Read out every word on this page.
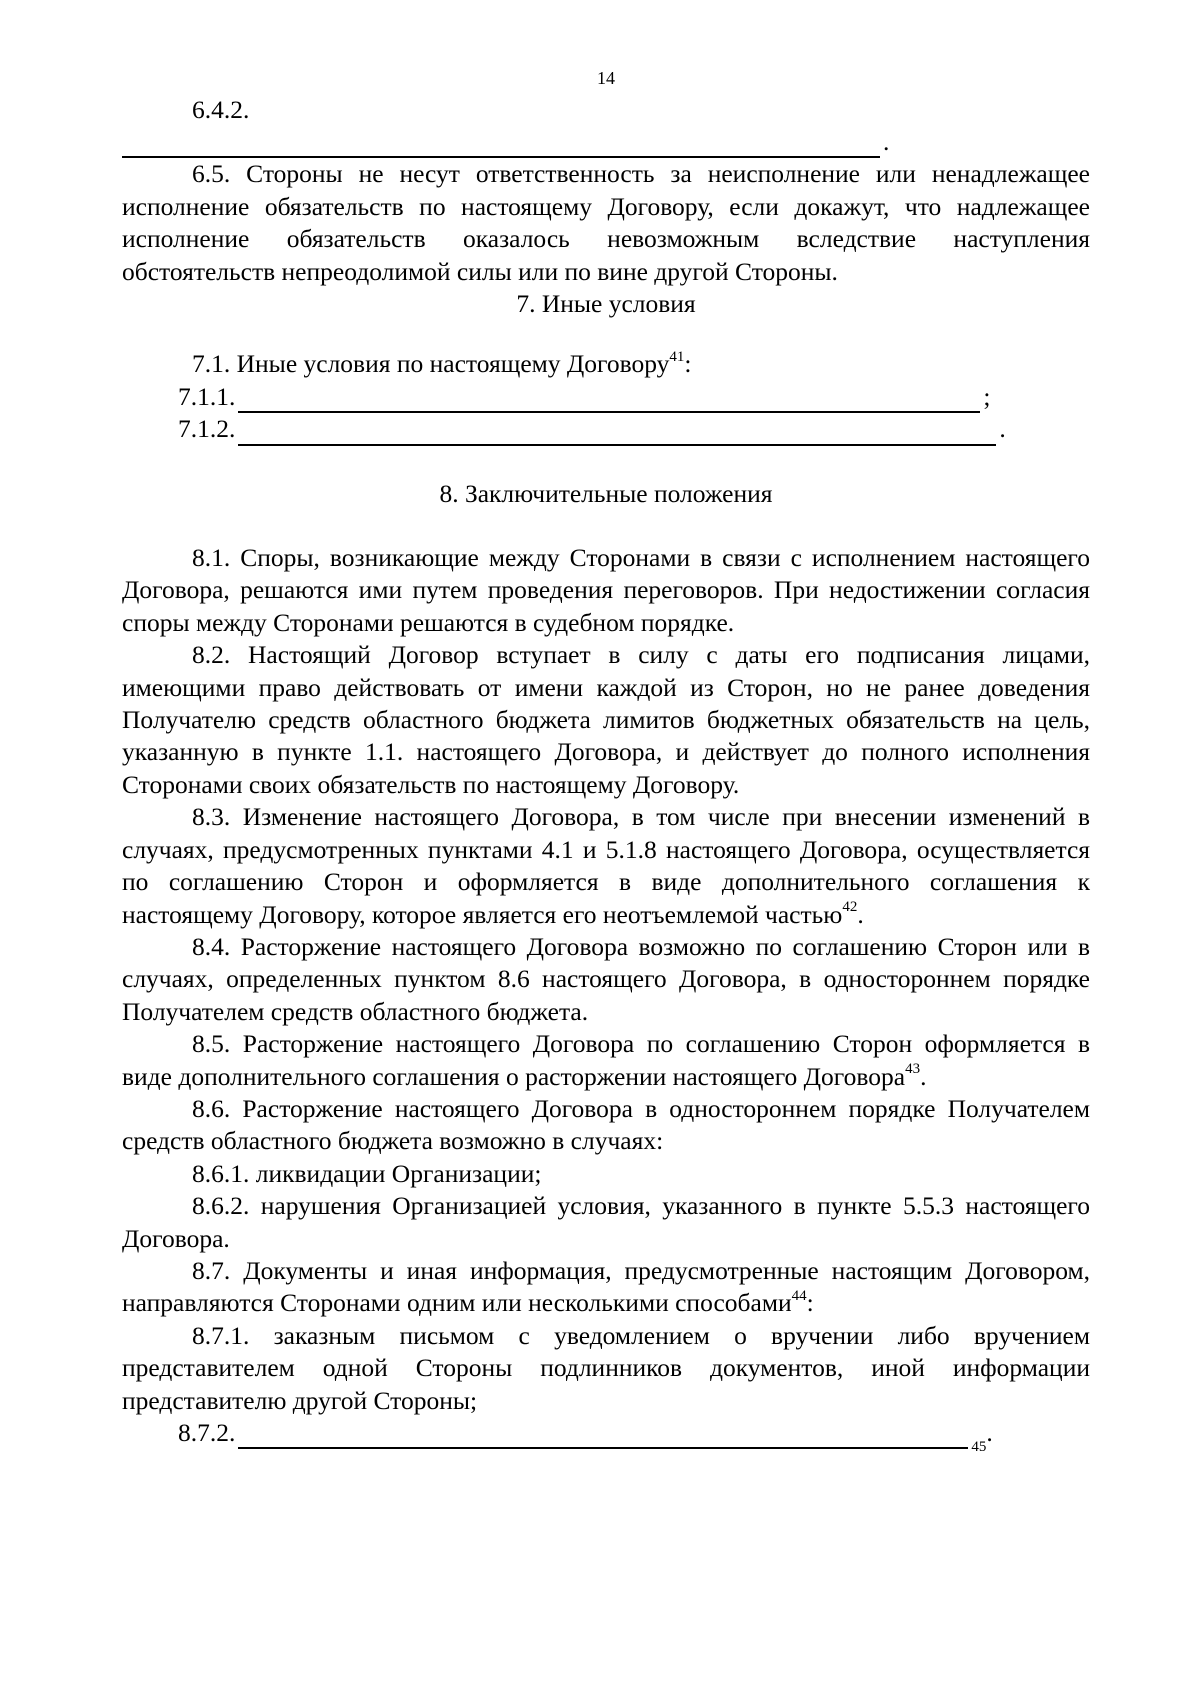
14

6.4.2.

.

6.5. Стороны не несут ответственность за неисполнение или ненадлежащее исполнение обязательств по настоящему Договору, если докажут, что надлежащее исполнение обязательств оказалось невозможным вследствие наступления обстоятельств непреодолимой силы или по вине другой Стороны.

7. Иные условия

7.1. Иные условия по настоящему Договору$^{41}$:

7.1.1.	;
7.1.2.	.

8. Заключительные положения

8.1. Споры, возникающие между Сторонами в связи с исполнением настоящего Договора, решаются ими путем проведения переговоров. При недостижении согласия споры между Сторонами решаются в судебном порядке.

8.2. Настоящий Договор вступает в силу с даты его подписания лицами, имеющими право действовать от имени каждой из Сторон, но не ранее доведения Получателю средств областного бюджета лимитов бюджетных обязательств на цель, указанную в пункте 1.1. настоящего Договора, и действует до полного исполнения Сторонами своих обязательств по настоящему Договору.

8.3. Изменение настоящего Договора, в том числе при внесении изменений в случаях, предусмотренных пунктами 4.1 и 5.1.8 настоящего Договора, осуществляется по соглашению Сторон и оформляется в виде дополнительного соглашения к настоящему Договору, которое является его неотъемлемой частью$^{42}$.

8.4. Расторжение настоящего Договора возможно по соглашению Сторон или в случаях, определенных пунктом 8.6 настоящего Договора, в одностороннем порядке Получателем средств областного бюджета.

8.5. Расторжение настоящего Договора по соглашению Сторон оформляется в виде дополнительного соглашения о расторжении настоящего Договора$^{43}$.

8.6. Расторжение настоящего Договора в одностороннем порядке Получателем средств областного бюджета возможно в случаях:

8.6.1. ликвидации Организации;

8.6.2. нарушения Организацией условия, указанного в пункте 5.5.3 настоящего Договора.

8.7. Документы и иная информация, предусмотренные настоящим Договором, направляются Сторонами одним или несколькими способами$^{44}$:

8.7.1. заказным письмом с уведомлением о вручении либо вручением представителем одной Стороны подлинников документов, иной информации представителю другой Стороны;

8.7.2.
$^{45}$
.
